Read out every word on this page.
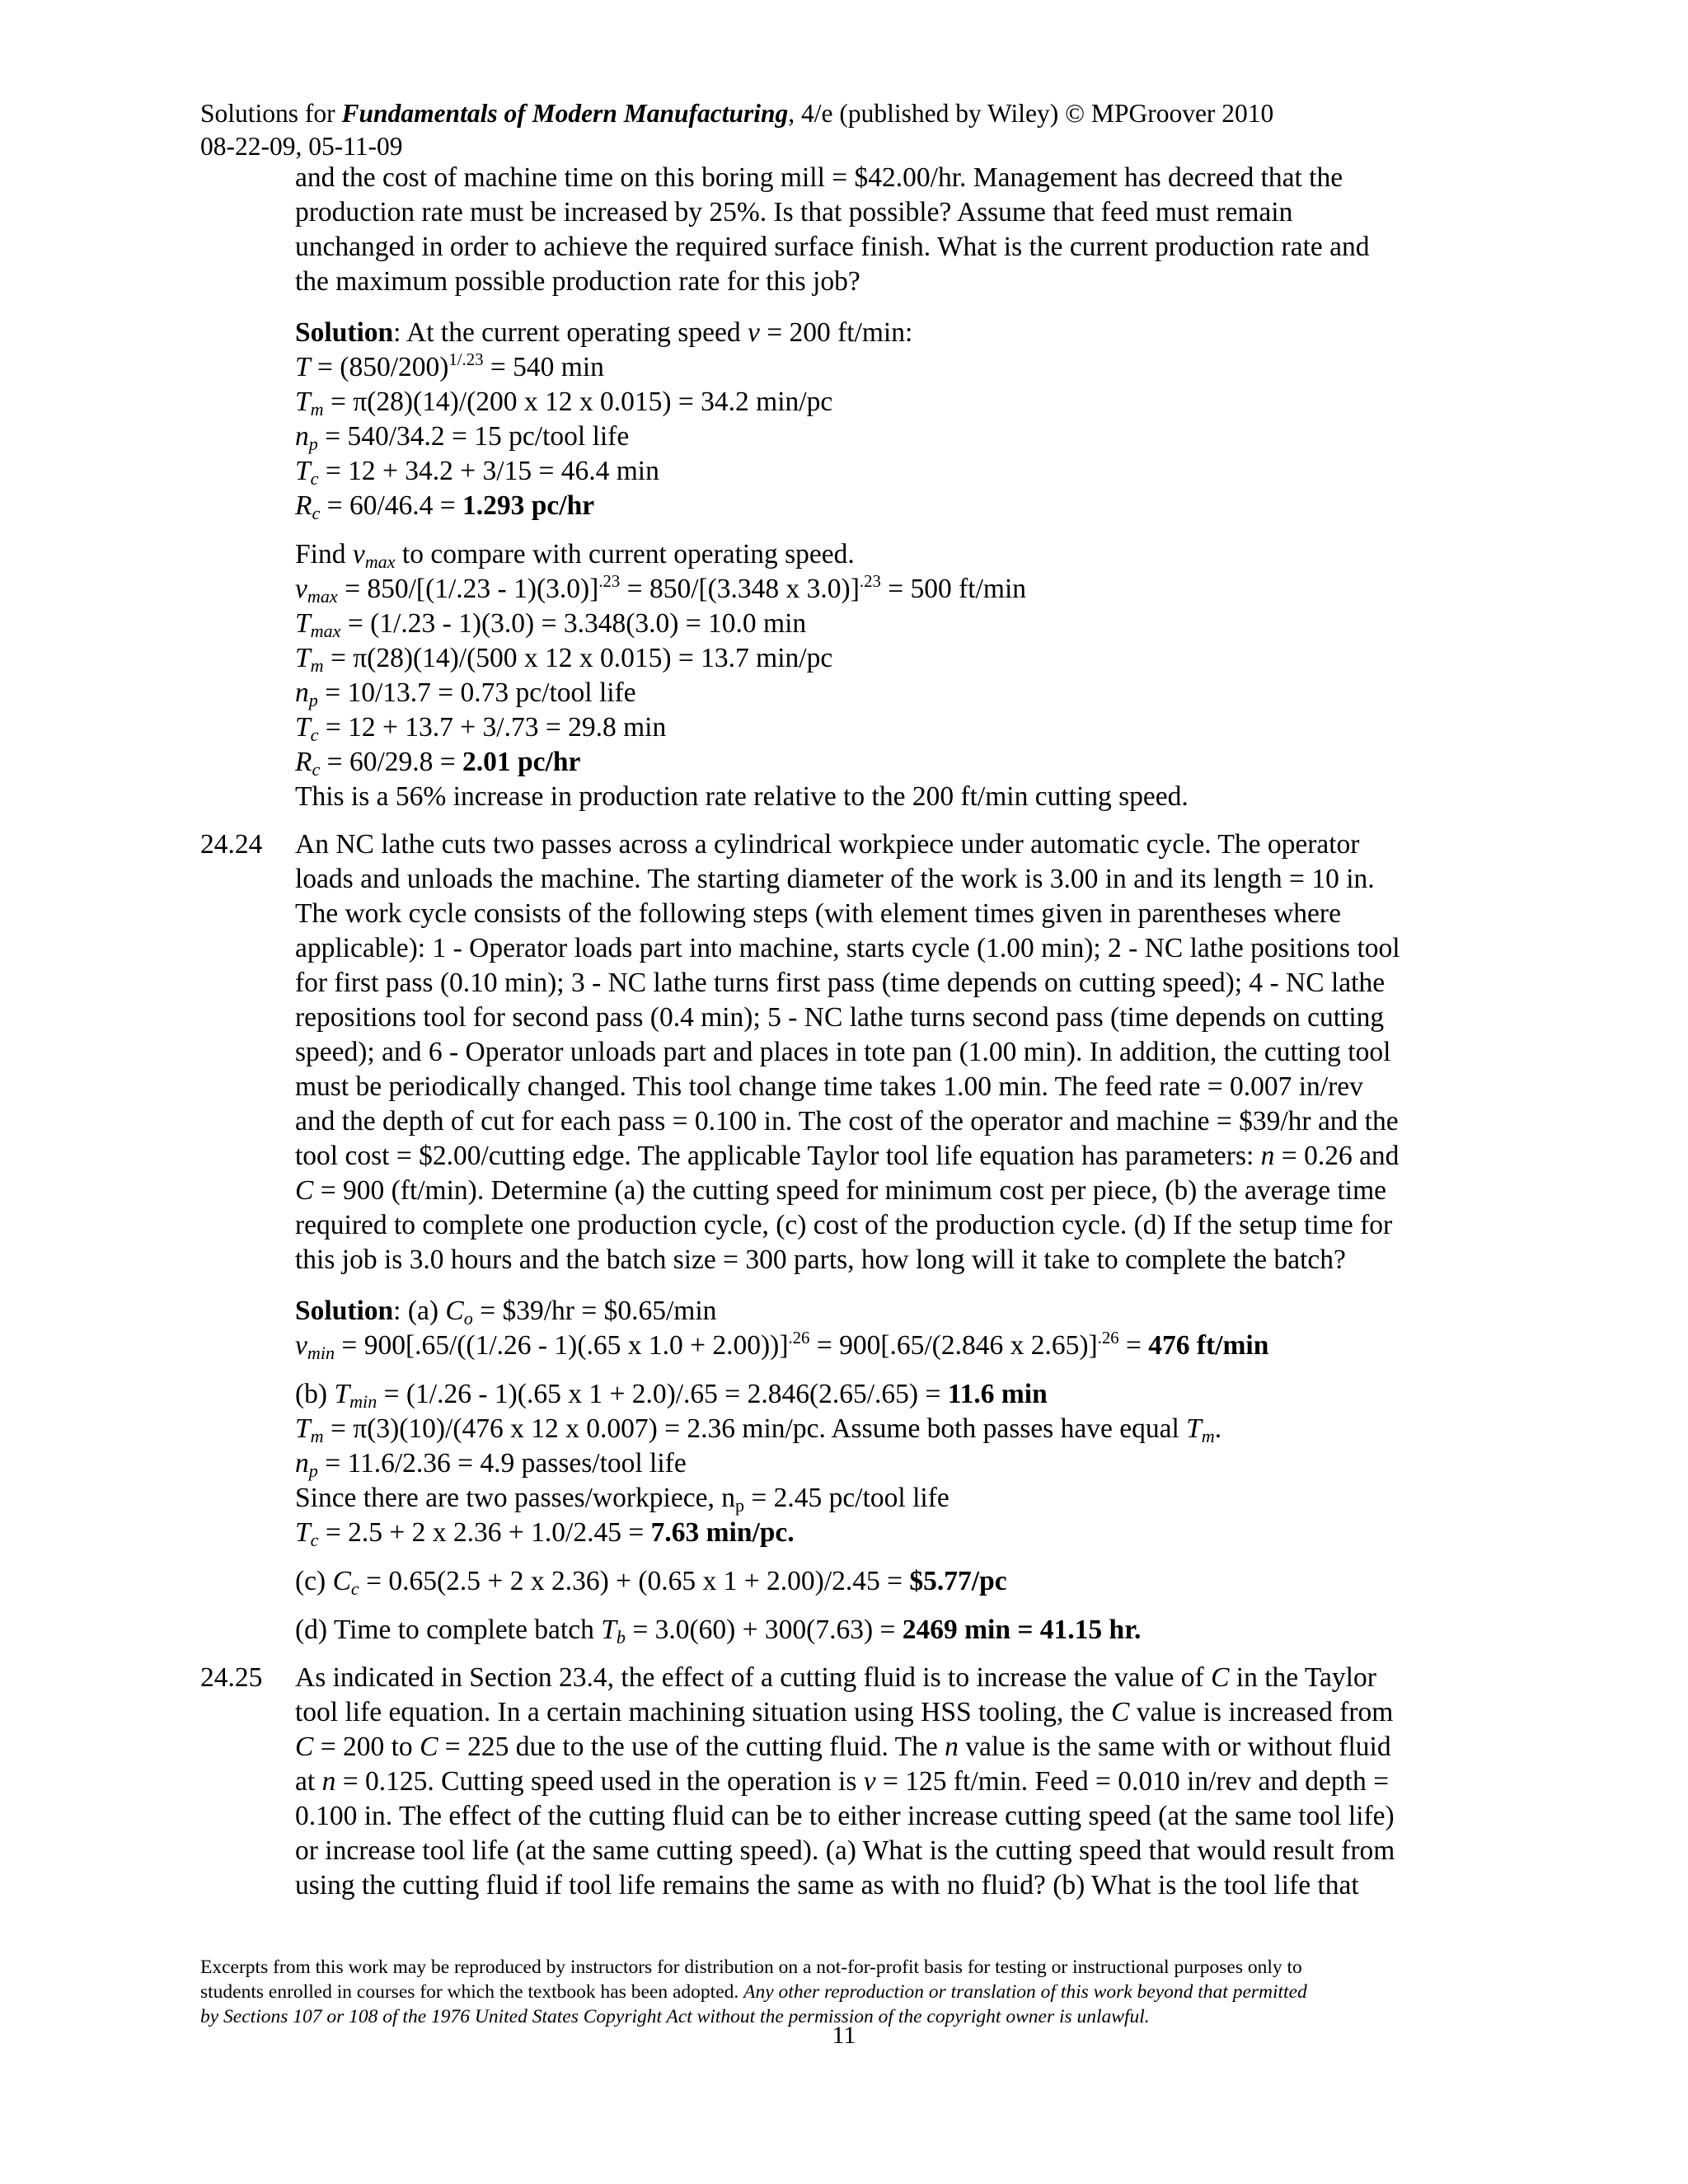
Solutions for Fundamentals of Modern Manufacturing, 4/e (published by Wiley) © MPGroover 2010
08-22-09, 05-11-09
and the cost of machine time on this boring mill = $42.00/hr. Management has decreed that the
production rate must be increased by 25%. Is that possible? Assume that feed must remain
unchanged in order to achieve the required surface finish. What is the current production rate and
the maximum possible production rate for this job?
Solution: At the current operating speed v = 200 ft/min:
$T = (850/200)^{1/.23} = 540$ min
$T_m = \pi(28)(14)/(200$ x 12 x 0.015) = 34.2 min/pc
$n_p = 540/34.2 = 15$ pc/tool life
$T_c = 12 + 34.2 + 3/15 = 46.4$ min
$R_c = 60/46.4 = 1.293$ pc/hr
Find $v_{max}$ to compare with current operating speed.
$v_{max} = 850/[(1/.23 - 1)(3.0)]^{.23} = 850/[(3.348$ x 3.0)]$^{.23}$ = 500 ft/min
$T_{max} = (1/.23 - 1)(3.0) = 3.348(3.0) = 10.0$ min
$T_m = \pi(28)(14)/(500$ x 12 x 0.015) = 13.7 min/pc
$n_p = 10/13.7 = 0.73$ pc/tool life
$T_c = 12 + 13.7 + 3/.73 = 29.8$ min
$R_c = 60/29.8 = 2.01$ pc/hr
This is a 56% increase in production rate relative to the 200 ft/min cutting speed.
24.24 An NC lathe cuts two passes across a cylindrical workpiece under automatic cycle. The operator
loads and unloads the machine. The starting diameter of the work is 3.00 in and its length = 10 in.
The work cycle consists of the following steps (with element times given in parentheses where
applicable): 1 - Operator loads part into machine, starts cycle (1.00 min); 2 - NC lathe positions tool
for first pass (0.10 min); 3 - NC lathe turns first pass (time depends on cutting speed); 4 - NC lathe
repositions tool for second pass (0.4 min); 5 - NC lathe turns second pass (time depends on cutting
speed); and 6 - Operator unloads part and places in tote pan (1.00 min). In addition, the cutting tool
must be periodically changed. This tool change time takes 1.00 min. The feed rate = 0.007 in/rev
and the depth of cut for each pass = 0.100 in. The cost of the operator and machine = $39/hr and the
tool cost = $2.00/cutting edge. The applicable Taylor tool life equation has parameters: n = 0.26 and
C = 900 (ft/min). Determine (a) the cutting speed for minimum cost per piece, (b) the average time
required to complete one production cycle, (c) cost of the production cycle. (d) If the setup time for
this job is 3.0 hours and the batch size = 300 parts, how long will it take to complete the batch?
Solution: (a) $C_o$ = $39/hr = $0.65/min
$v_{min} = 900[.65/((1/.26 - 1)(.65$ x 1.0 + 2.00))]$^{.26}$ = 900[.65/(2.846 x 2.65)]$^{.26}$ = 476 ft/min
(b) $T_{min} = (1/.26 - 1)(.65$ x 1 + 2.0)/.65 = 2.846(2.65/.65) = 11.6 min
$T_m = \pi(3)(10)/(476$ x 12 x 0.007) = 2.36 min/pc. Assume both passes have equal $T_m$.
$n_p = 11.6/2.36 = 4.9$ passes/tool life
Since there are two passes/workpiece, $n_p = 2.45$ pc/tool life
$T_c = 2.5 + 2$ x 2.36 + 1.0/2.45 = 7.63 min/pc.
(c) $C_c = 0.65(2.5 + 2$ x 2.36) + (0.65 x 1 + 2.00)/2.45 = $5.77/pc
(d) Time to complete batch $T_b = 3.0(60) + 300(7.63) = 2469$ min = 41.15 hr.
24.25 As indicated in Section 23.4, the effect of a cutting fluid is to increase the value of C in the Taylor
tool life equation. In a certain machining situation using HSS tooling, the C value is increased from
C = 200 to C = 225 due to the use of the cutting fluid. The n value is the same with or without fluid
at n = 0.125. Cutting speed used in the operation is v = 125 ft/min. Feed = 0.010 in/rev and depth =
0.100 in. The effect of the cutting fluid can be to either increase cutting speed (at the same tool life)
or increase tool life (at the same cutting speed). (a) What is the cutting speed that would result from
using the cutting fluid if tool life remains the same as with no fluid? (b) What is the tool life that
Excerpts from this work may be reproduced by instructors for distribution on a not-for-profit basis for testing or instructional purposes only to
students enrolled in courses for which the textbook has been adopted. Any other reproduction or translation of this work beyond that permitted
by Sections 107 or 108 of the 1976 United States Copyright Act without the permission of the copyright owner is unlawful.
11
